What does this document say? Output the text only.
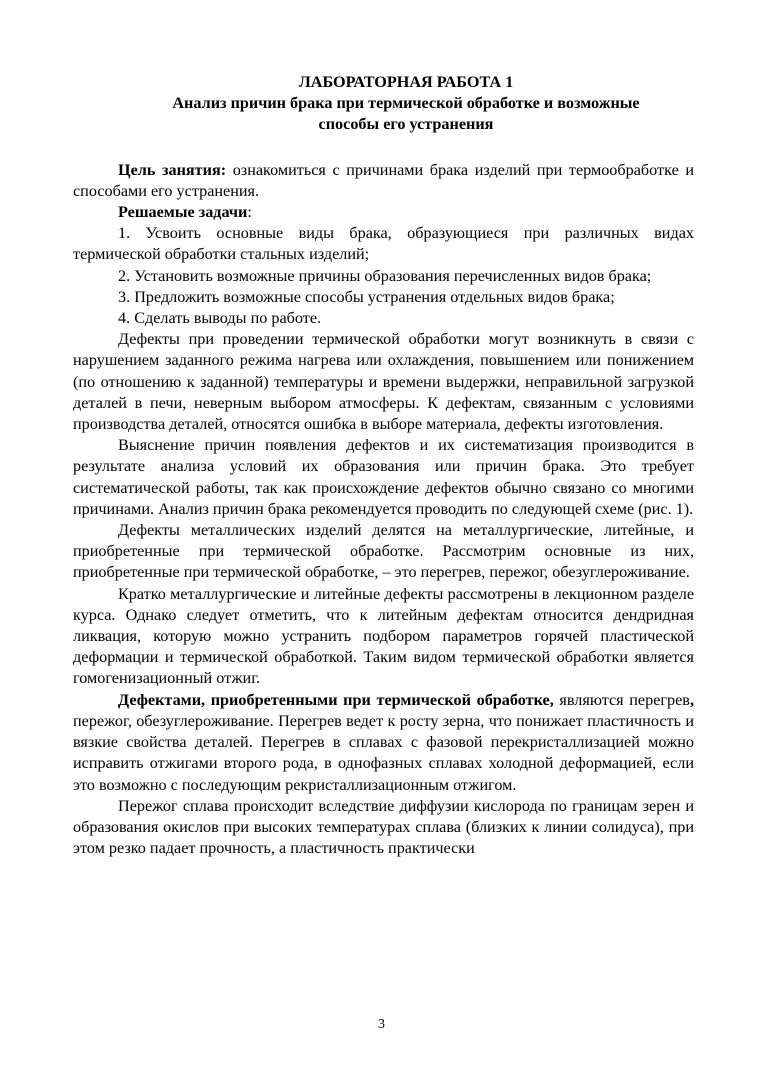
ЛАБОРАТОРНАЯ РАБОТА 1

Анализ причин брака при термической обработке и возможные

способы его устранения

Цель занятия: ознакомиться с причинами брака изделий при термообработке и способами его устранения.

Решаемые задачи:

1. Усвоить основные виды брака, образующиеся при различных видах термической обработки стальных изделий;

2. Установить возможные причины образования перечисленных видов брака;

3. Предложить возможные способы устранения отдельных видов брака;

4. Сделать выводы по работе.

Дефекты при проведении термической обработки могут возникнуть в связи с нарушением заданного режима нагрева или охлаждения, повышением или понижением (по отношению к заданной) температуры и времени выдержки, неправильной загрузкой деталей в печи, неверным выбором атмосферы. К дефектам, связанным с условиями производства деталей, относятся ошибка в выборе материала, дефекты изготовления.

Выяснение причин появления дефектов и их систематизация производится в результате анализа условий их образования или причин брака. Это требует систематической работы, так как происхождение дефектов обычно связано со многими причинами. Анализ причин брака рекомендуется проводить по следующей схеме (рис. 1).

Дефекты металлических изделий делятся на металлургические, литейные, и приобретенные при термической обработке. Рассмотрим основные из них, приобретенные при термической обработке, – это перегрев, пережог, обезуглероживание.

Кратко металлургические и литейные дефекты рассмотрены в лекционном разделе курса. Однако следует отметить, что к литейным дефектам относится дендридная ликвация, которую можно устранить подбором параметров горячей пластической деформации и термической обработкой. Таким видом термической обработки является гомогенизационный отжиг.

Дефектами, приобретенными при термической обработке, являются перегрев, пережог, обезуглероживание. Перегрев ведет к росту зерна, что понижает пластичность и вязкие свойства деталей. Перегрев в сплавах с фазовой перекристаллизацией можно исправить отжигами второго рода, в однофазных сплавах холодной деформацией, если это возможно с последующим рекристаллизационным отжигом.

Пережог сплава происходит вследствие диффузии кислорода по границам зерен и образования окислов при высоких температурах сплава (близких к линии солидуса), при этом резко падает прочность, а пластичность практически

3
